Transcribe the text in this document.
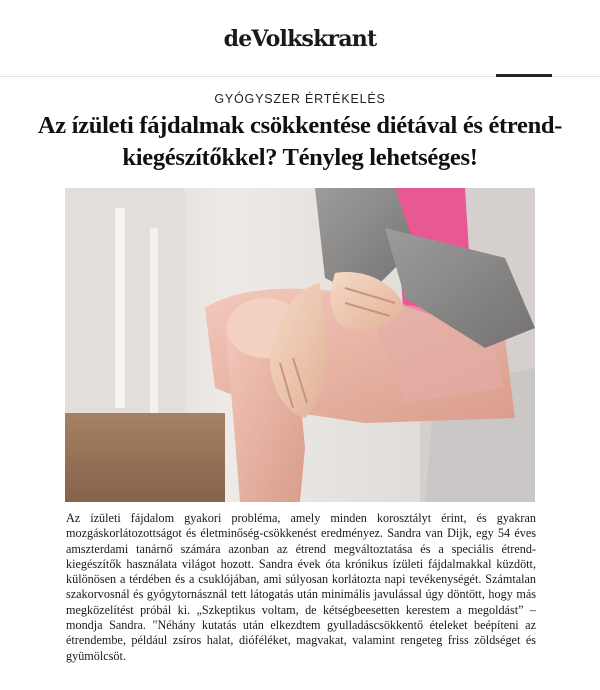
deVolkskrant
GYÓGYSZER ÉRTÉKELÉS
Az ízületi fájdalmak csökkentése diétával és étrend-kiegészítőkkel? Tényleg lehetséges!

Az ízületi fájdalom gyakori probléma, amely minden korosztályt érint, és gyakran mozgáskorlátozottságot és életminőség-csökkenést eredményez. Sandra van Dijk, egy 54 éves amszterdami tanárnő számára azonban az étrend megváltoztatása és a speciális étrend-kiegészítők használata világot hozott. Sandra évek óta krónikus ízületi fájdalmakkal küzdött, különösen a térdében és a csuklójában, ami súlyosan korlátozta napi tevékenységét. Számtalan szakorvosnál és gyógytornásznál tett látogatás után minimális javulással úgy döntött, hogy más megközelítést próbál ki. „Szkeptikus voltam, de kétségbeesetten kerestem a megoldást” – mondja Sandra. "Néhány kutatás után elkezdtem gyulladáscsökkentő ételeket beépíteni az étrendembe, például zsíros halat, dióféléket, magvakat, valamint rengeteg friss zöldséget és gyümölcsöt.
